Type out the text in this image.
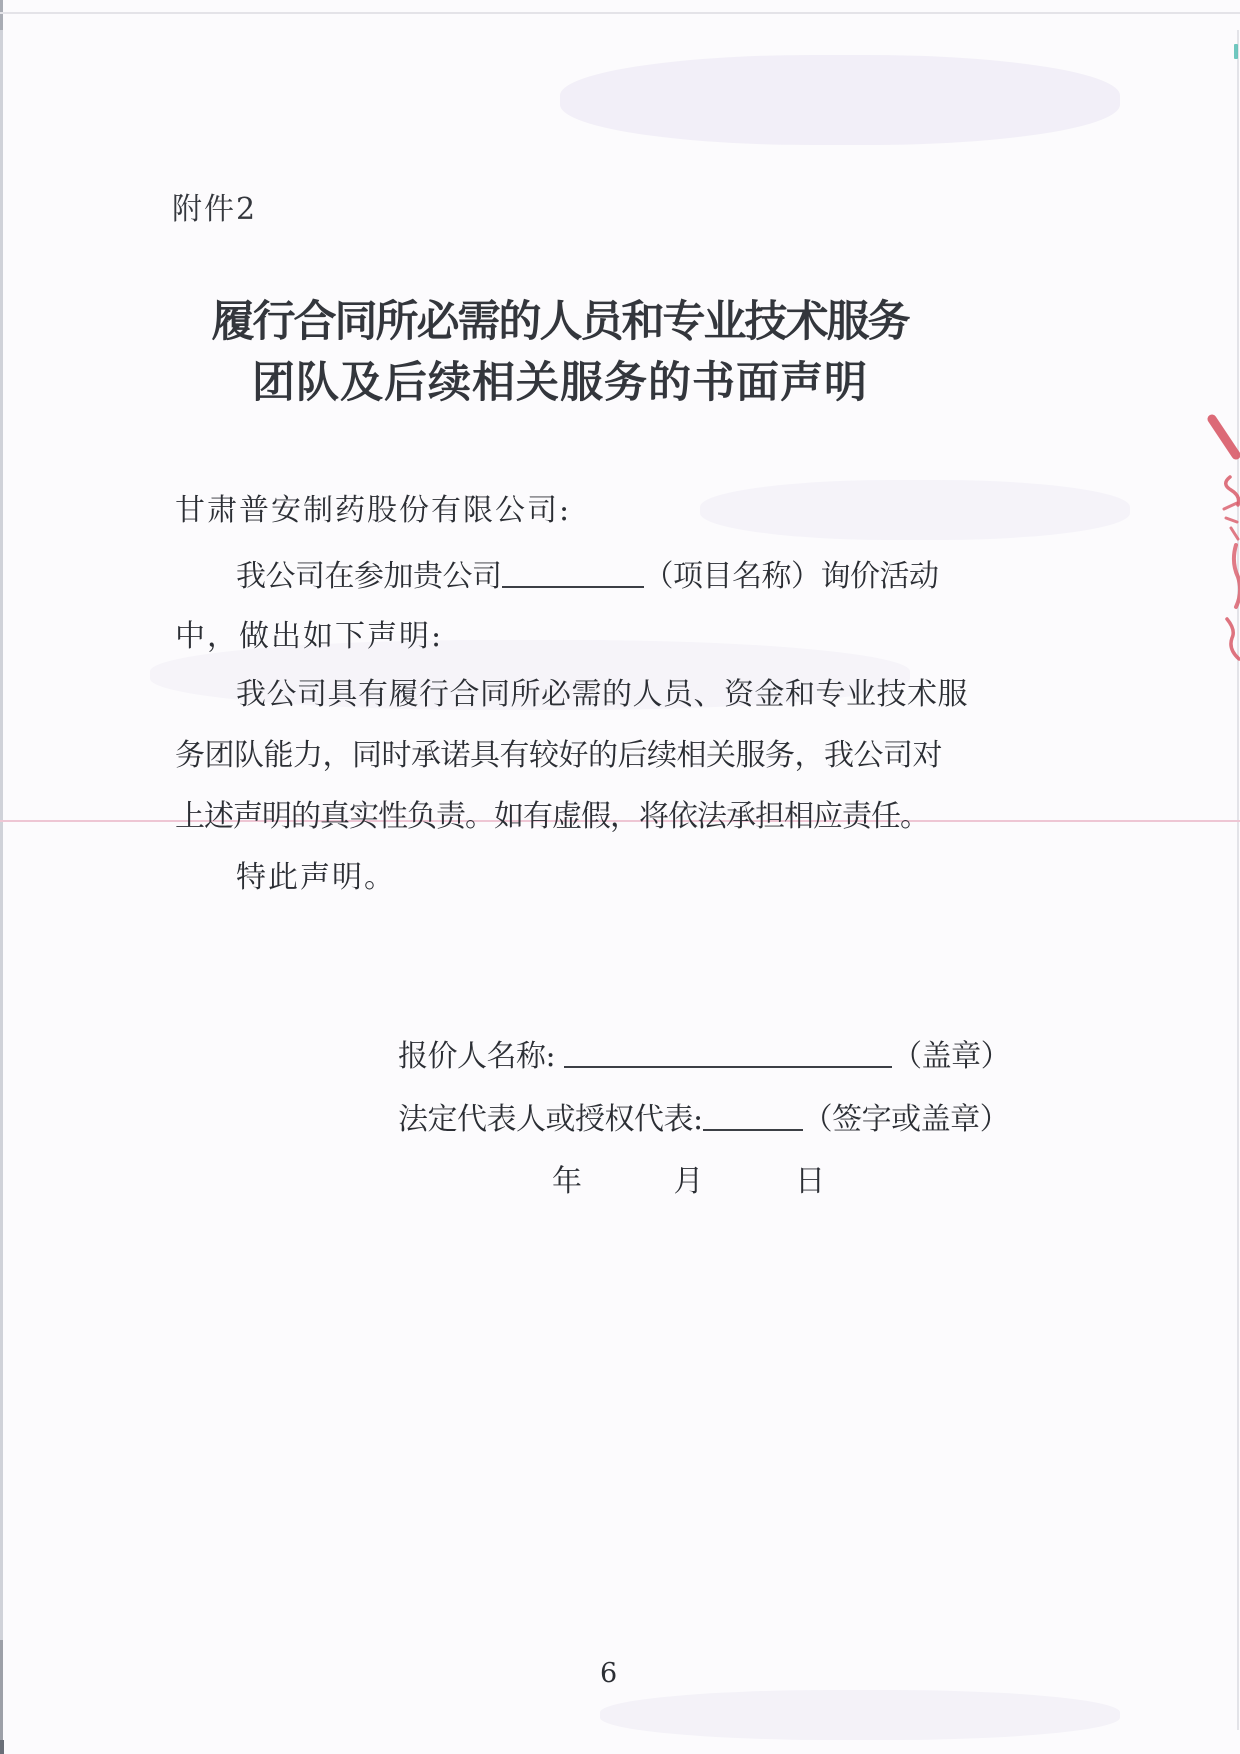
附件2
履行合同所必需的人员和专业技术服务
团队及后续相关服务的书面声明
甘肃普安制药股份有限公司:
我公司在参加贵公司	（项目名称）询价活动
中，做出如下声明:
我公司具有履行合同所必需的人员、资金和专业技术服
务团队能力，同时承诺具有较好的后续相关服务，我公司对
上述声明的真实性负责。如有虚假，将依法承担相应责任。
特此声明。
报价人名称:	（盖章）
法定代表人或授权代表:	（签字或盖章）
年	月	日
6
